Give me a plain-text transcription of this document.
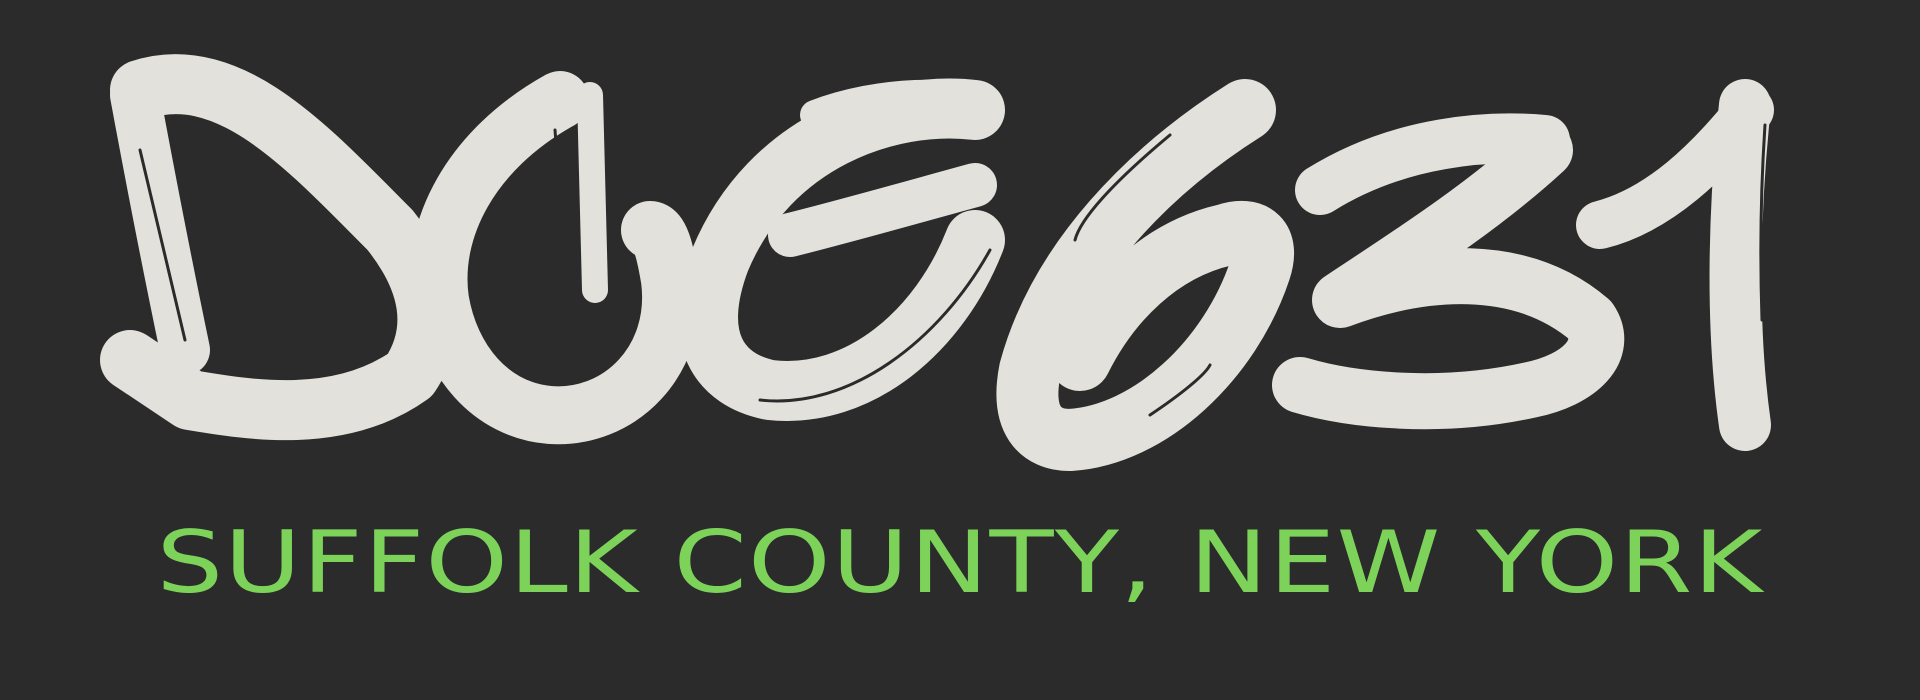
SUFFOLK COUNTY, NEW YORK
